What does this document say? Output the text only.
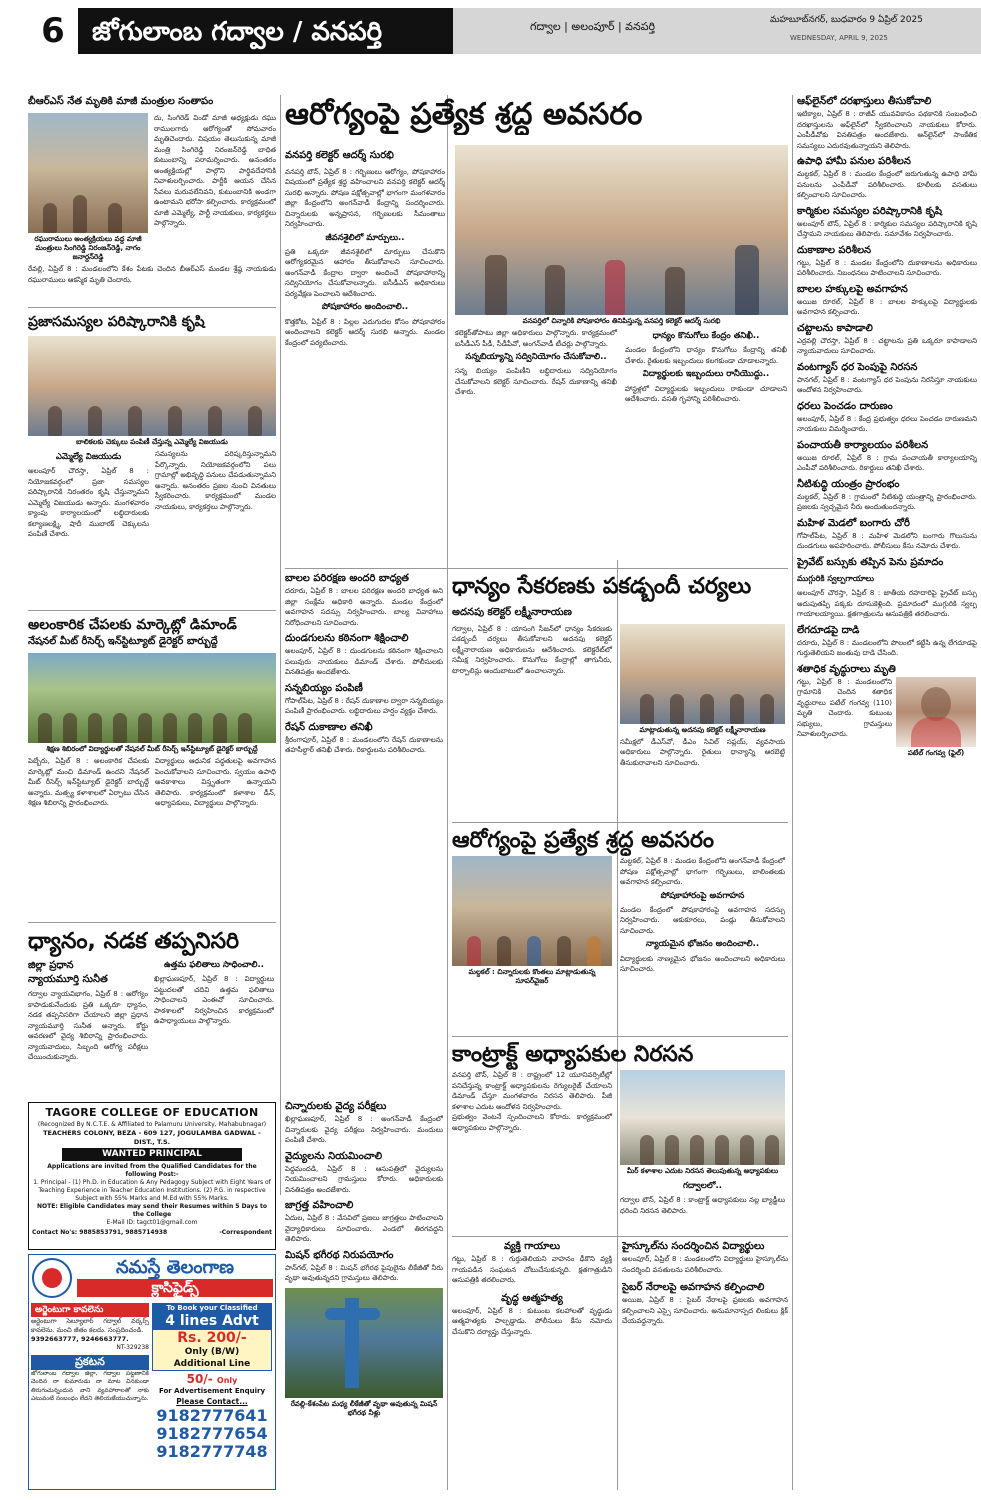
6	జోగులాంబ గద్వాల / వనపర్తి	గద్వాల | అలంపూర్ | వనపర్తి	మహబూబ్‌నగర్, బుధవారం 9 ఏప్రిల్ 2025
WEDNESDAY, APRIL 9, 2025
బీఆర్ఎస్ నేత మృతికి మాజీ మంత్రుల సంతాపం
రఘురాములు అంత్యక్రియలు వద్ద మాజీ మంత్రులు సింగిరెడ్డి నిరంజన్‌రెడ్డి, నాగం జనార్దన్‌రెడ్డి
దు, సింగిరెడ్ విండో మాజీ అధ్యక్షుడు రఘు రాములగారు ఆరోగ్యంతో సోమవారం మృతిచెందారు. విషయం తెలుసుకున్న మాజీ మంత్రి సింగిరెడ్డి నిరంజన్‌రెడ్డి బాధిత కుటుంబాన్ని పరామర్శించారు. అనంతరం అంత్యక్రియల్లో పాల్గొని పార్థివదేహానికి నివాళులర్పించారు. పార్టీకి ఆయన చేసిన సేవలు మరువలేనివని, కుటుంబానికి అండగా ఉంటామని భరోసా కల్పించారు. కార్యక్రమంలో మాజీ ఎమ్మెల్యే, పార్టీ నాయకులు, కార్యకర్తలు పాల్గొన్నారు.
రేవల్లి, ఏప్రిల్ 8 : మండలంలోని కేశం పేటకు చెందిన బీఆర్ఎస్ మండల శ్రేష్ఠ నాయకుడు రఘురాములు ఆకస్మిక మృతి చెందారు.
ప్రజాసమస్యల పరిష్కారానికి కృషి
బాలికలకు చెక్కులు పంపిణీ చేస్తున్న ఎమ్మెల్యే విజయుడు
ఎమ్మెల్యే విజయుడు
అలంపూర్ చౌరస్తా, ఏప్రిల్ 8 : నియోజకవర్గంలో ప్రజా సమస్యల పరిష్కారానికి నిరంతరం కృషి చేస్తున్నామని ఎమ్మెల్యే విజయుడు అన్నారు. మంగళవారం క్యాంపు కార్యాలయంలో లబ్ధిదారులకు కల్యాణలక్ష్మి, షాదీ ముబారక్ చెక్కులను పంపిణీ చేశారు.
సమస్యలను పరిష్కరిస్తున్నామని పేర్కొన్నారు. నియోజకవర్గంలోని పలు గ్రామాల్లో అభివృద్ధి పనులు చేపడుతున్నామని అన్నారు. అనంతరం ప్రజల నుంచి వినతులు స్వీకరించారు. కార్యక్రమంలో మండల నాయకులు, కార్యకర్తలు పాల్గొన్నారు.
అలంకారిక చేపలకు మార్కెట్లో డిమాండ్
నేషనల్ మీట్ రీసెర్చ్ ఇన్‌స్టిట్యూట్ డైరెక్టర్ బార్బుద్దే
శిక్షణ శిబిరంలో విద్యార్థులతో నేషనల్ మీట్ రీసెర్చ్ ఇన్‌స్టిట్యూట్ డైరెక్టర్ బార్బుద్దే
పెబ్బేరు, ఏప్రిల్ 8 : అలంకారిక చేపలకు మార్కెట్లో మంచి డిమాండ్ ఉందని నేషనల్ మీట్ రీసెర్చ్ ఇన్‌స్టిట్యూట్ డైరెక్టర్ బార్బుద్దే అన్నారు. మత్స్య కళాశాలలో ఏర్పాటు చేసిన శిక్షణ శిబిరాన్ని ప్రారంభించారు.
విద్యార్థులు ఆధునిక పద్ధతులపై అవగాహన పెంచుకోవాలని సూచించారు. స్వయం ఉపాధి అవకాశాలు విస్తృతంగా ఉన్నాయని తెలిపారు. కార్యక్రమంలో కళాశాల డీన్, అధ్యాపకులు, విద్యార్థులు పాల్గొన్నారు.
ధ్యానం, నడక తప్పనిసరి
జిల్లా ప్రధాన
న్యాయమూర్తి సునీత
గద్వాల న్యాయవిభాగం, ఏప్రిల్ 8 : ఆరోగ్యం కాపాడుకునేందుకు ప్రతి ఒక్కరూ ధ్యానం, నడక తప్పనిసరిగా చేయాలని జిల్లా ప్రధాన న్యాయమూర్తి సునీత అన్నారు. కోర్టు ఆవరణలో వైద్య శిబిరాన్ని ప్రారంభించారు. న్యాయవాదులు, సిబ్బంది ఆరోగ్య పరీక్షలు చేయించుకున్నారు.
ఉత్తమ ఫలితాలు సాధించాలి..
ఖిల్లాఘణపూర్, ఏప్రిల్ 8 : విద్యార్థులు పట్టుదలతో చదివి ఉత్తమ ఫలితాలు సాధించాలని ఎంఈవో సూచించారు. పాఠశాలలో నిర్వహించిన కార్యక్రమంలో ఉపాధ్యాయులు పాల్గొన్నారు.
TAGORE COLLEGE OF EDUCATION
(Recognized By N.C.T.E. & Affiliated to Palamuru University, Mahabubnagar)
TEACHERS COLONY, BEZA - 609 127, JOGULAMBA GADWAL - DIST., T.S.
WANTED PRINCIPAL
Applications are invited from the Qualified Candidates for the following Post:-
1. Principal - (1) Ph.D. in Education & Any Pedagogy Subject with Eight Years of Teaching Experience in Teacher Education Institutions. (2) P.G. in respective Subject with 55% Marks and M.Ed with 55% Marks.
NOTE: Eligible Candidates may send their Resumes within 5 Days to the College
E-Mail ID: tagct01@gmail.com
Contact No's: 9885853791, 9885714938	-Correspondent
నమస్తే తెలంగాణ
క్లాసిఫైడ్స్
అర్జెంటుగా కావలెను
అర్జెంటుగా సెల్యూలార్ గద్వాల్ వర్కర్స్ కావలెను. మంచి జీతం కలదు. సంప్రదించండి.
9392663777, 9246663777.
NT-329238
ప్రకటన
జోగులాంబ గద్వాల జిల్లా, గద్వాల పట్టణానికి చెందిన నా కుమారుడు నా మాట వినకుండా తిరుగుచున్నందున వాని వ్యవహారాలతో నాకు ఎటువంటి సంబంధం లేదని తెలియజేయుచున్నాను.
To Book your Classified
4 lines Advt
Rs. 200/-
Only (B/W)
Additional Line
50/- Only
For Advertisement Enquiry
Please Contact...
9182777641
9182777654
9182777748
ఆరోగ్యంపై ప్రత్యేక శ్రద్ధ అవసరం
వనపర్తి కలెక్టర్ ఆదర్శ్ సురభి
వనపర్తి టౌన్, ఏప్రిల్ 8 : గర్భిణులు ఆరోగ్యం, పోషకాహారం విషయంలో ప్రత్యేక శ్రద్ధ వహించాలని వనపర్తి కలెక్టర్ ఆదర్శ్ సురభి అన్నారు. పోషణ పక్షోత్సవాల్లో భాగంగా మంగళవారం జిల్లా కేంద్రంలోని అంగన్‌వాడీ కేంద్రాన్ని సందర్శించారు. చిన్నారులకు అన్నప్రాసన, గర్భిణులకు సీమంతాలు నిర్వహించారు.
జీవనశైలిలో మార్పులు..
ప్రతి ఒక్కరూ జీవనశైలిలో మార్పులు చేసుకొని ఆరోగ్యకరమైన ఆహారం తీసుకోవాలని సూచించారు. అంగన్‌వాడీ కేంద్రాల ద్వారా అందించే పోషకాహారాన్ని సద్వినియోగం చేసుకోవాలన్నారు. ఐసీడీఎస్ అధికారులు పర్యవేక్షణ పెంచాలని ఆదేశించారు.
పోషకాహారం అందించాలి..
కొత్తకోట, ఏప్రిల్ 8 : పిల్లల ఎదుగుదల కోసం పోషకాహారం అందించాలని కలెక్టర్ ఆదర్శ్ సురభి అన్నారు. మండల కేంద్రంలో పర్యటించారు.
వనపర్తిలో చిన్నారికి పోషకాహారం తినిపిస్తున్న వనపర్తి కలెక్టర్ ఆదర్శ్ సురభి
కలెక్టర్‌తోపాటు జిల్లా అధికారులు పాల్గొన్నారు. కార్యక్రమంలో ఐసీడీఎస్ పీడీ, సీడీపీవో, అంగన్‌వాడీ టీచర్లు పాల్గొన్నారు.
సన్నబియ్యాన్ని సద్వినియోగం చేసుకోవాలి..
సన్న బియ్యం పంపిణీని లబ్ధిదారులు సద్వినియోగం చేసుకోవాలని కలెక్టర్ సూచించారు. రేషన్ దుకాణాన్ని తనిఖీ చేశారు.
ధాన్యం కొనుగోలు కేంద్రం తనిఖీ..
మండల కేంద్రంలోని ధాన్యం కొనుగోలు కేంద్రాన్ని తనిఖీ చేశారు. రైతులకు ఇబ్బందులు కలగకుండా చూడాలన్నారు.
విద్యార్థులకు ఇబ్బందులు రానీయొద్దు..
హాస్టళ్లలో విద్యార్థులకు ఇబ్బందులు రాకుండా చూడాలని ఆదేశించారు. వసతి గృహాన్ని పరిశీలించారు.
బాలల పరిరక్షణ అందరి బాధ్యత
దరూరు, ఏప్రిల్ 8 : బాలల పరిరక్షణ అందరి బాధ్యత అని జిల్లా సంక్షేమ అధికారి అన్నారు. మండల కేంద్రంలో అవగాహన సదస్సు నిర్వహించారు. బాల్య వివాహాలు నిరోధించాలని సూచించారు.
దుండగులను కఠినంగా శిక్షించాలి
అలంపూర్, ఏప్రిల్ 8 : దుండగులను కఠినంగా శిక్షించాలని పలువురు నాయకులు డిమాండ్ చేశారు. పోలీసులకు వినతిపత్రం అందజేశారు.
సన్నబియ్యం పంపిణీ
గోపాల్‌పేట, ఏప్రిల్ 8 : రేషన్ దుకాణాల ద్వారా సన్నబియ్యం పంపిణీ ప్రారంభించారు. లబ్ధిదారులు హర్షం వ్యక్తం చేశారు.
రేషన్ దుకాణాల తనిఖీ
శ్రీరంగాపూర్, ఏప్రిల్ 8 : మండలంలోని రేషన్ దుకాణాలను తహసీల్దార్ తనిఖీ చేశారు. రికార్డులను పరిశీలించారు.
చిన్నారులకు వైద్య పరీక్షలు
ఖిల్లాఘణపూర్, ఏప్రిల్ 8 : అంగన్‌వాడీ కేంద్రంలో చిన్నారులకు వైద్య పరీక్షలు నిర్వహించారు. మందులు పంపిణీ చేశారు.
వైద్యులను నియమించాలి
పెద్దమందడి, ఏప్రిల్ 8 : ఆసుపత్రిలో వైద్యులను నియమించాలని గ్రామస్తులు కోరారు. అధికారులకు వినతిపత్రం అందజేశారు.
జాగ్రత్త వహించాలి
ఏదుల, ఏప్రిల్ 8 : వేసవిలో ప్రజలు జాగ్రత్తలు పాటించాలని వైద్యాధికారులు సూచించారు. ఎండలో తిరగవద్దని తెలిపారు.
మిషన్ భగీరథ నిరుపయోగం
పాన్‌గల్, ఏప్రిల్ 8 : మిషన్ భగీరథ పైపులైను లీకేజీతో నీరు వృథా అవుతున్నదని గ్రామస్తులు తెలిపారు.
రేవల్లి-కేశంపేట మధ్య లీకేజీతో వృథా అవుతున్న మిషన్ భగీరథ నీళ్లు
ధాన్యం సేకరణకు పకడ్బందీ చర్యలు
అదనపు కలెక్టర్ లక్ష్మీనారాయణ
గద్వాల, ఏప్రిల్ 8 : యాసంగి సీజన్‌లో ధాన్యం సేకరణకు పకడ్బందీ చర్యలు తీసుకోవాలని అదనపు కలెక్టర్ లక్ష్మీనారాయణ అధికారులను ఆదేశించారు. కలెక్టరేట్‌లో సమీక్ష నిర్వహించారు. కొనుగోలు కేంద్రాల్లో తాగునీరు, టార్పాలిన్లు అందుబాటులో ఉంచాలన్నారు.
మాట్లాడుతున్న అదనపు కలెక్టర్ లక్ష్మీనారాయణ
సమీక్షలో డీఎస్‌వో, డీఎం సివిల్ సప్లయ్, వ్యవసాయ అధికారులు పాల్గొన్నారు. రైతులు ధాన్యాన్ని ఆరబెట్టి తీసుకురావాలని సూచించారు.
ఆరోగ్యంపై ప్రత్యేక శ్రద్ధ అవసరం
మల్దకల్ : చిన్నారులకు కొంతలు మాట్లాడుతున్న సూపర్‌వైజర్
మల్దకల్, ఏప్రిల్ 8 : మండల కేంద్రంలోని అంగన్‌వాడీ కేంద్రంలో పోషణ పక్షోత్సవాల్లో భాగంగా గర్భిణులు, బాలింతలకు అవగాహన కల్పించారు.
పోషకాహారంపై అవగాహన
మండల కేంద్రంలో పోషకాహారంపై అవగాహన సదస్సు నిర్వహించారు. ఆకుకూరలు, పండ్లు తీసుకోవాలని సూచించారు.
న్యాయమైన భోజనం అందించాలి..
విద్యార్థులకు నాణ్యమైన భోజనం అందించాలని అధికారులు సూచించారు.
కాంట్రాక్ట్ అధ్యాపకుల నిరసన
వనపర్తి టౌన్, ఏప్రిల్ 8 : రాష్ట్రంలో 12 యూనివర్సిటీల్లో పనిచేస్తున్న కాంట్రాక్ట్ అధ్యాపకులను రెగ్యులరైజ్ చేయాలని డిమాండ్ చేస్తూ మంగళవారం నిరసన తెలిపారు. పీజీ కళాశాల ఎదుట ఆందోళన నిర్వహించారు.
ప్రభుత్వం వెంటనే స్పందించాలని కోరారు. కార్యక్రమంలో అధ్యాపకులు పాల్గొన్నారు.
మీర్ కళాశాల ఎదుట నిరసన తెలుపుతున్న అధ్యాపకులు
గద్వాలలో..
గద్వాల టౌన్, ఏప్రిల్ 8 : కాంట్రాక్ట్ అధ్యాపకులు నల్ల బ్యాడ్జీలు ధరించి నిరసన తెలిపారు.
వ్యక్తి గాయాలు
గట్టు, ఏప్రిల్ 8 : గుర్తుతెలియని వాహనం ఢీకొని వ్యక్తి గాయపడిన సంఘటన చోటుచేసుకున్నది. క్షతగాత్రుడిని ఆసుపత్రికి తరలించారు.
వృద్ధ ఆత్మహత్య
అలంపూర్, ఏప్రిల్ 8 : కుటుంబ కలహాలతో వృద్ధుడు ఆత్మహత్యకు పాల్పడ్డాడు. పోలీసులు కేసు నమోదు చేసుకొని దర్యాప్తు చేస్తున్నారు.
హైస్కూల్‌ను సందర్శించిన విద్యార్థులు
అలంపూర్, ఏప్రిల్ 8 : మండలంలోని విద్యార్థులు హైస్కూల్‌ను సందర్శించి వసతులను పరిశీలించారు.
సైబర్ నేరాలపై అవగాహన కల్పించాలి
అయిజ, ఏప్రిల్ 8 : సైబర్ నేరాలపై ప్రజలకు అవగాహన కల్పించాలని ఎస్సై సూచించారు. అనుమానాస్పద లింకులు క్లిక్ చేయవద్దన్నారు.
ఆఫ్‌లైన్‌లో దరఖాస్తులు తీసుకోవాలి
ఇటిక్యాల, ఏప్రిల్ 8 : రాజీవ్ యువవికాసం పథకానికి సంబంధించి దరఖాస్తులను ఆఫ్‌లైన్‌లో స్వీకరించాలని నాయకులు కోరారు. ఎంపీడీవోకు వినతిపత్రం అందజేశారు. ఆన్‌లైన్‌లో సాంకేతిక సమస్యలు ఎదురవుతున్నాయని తెలిపారు.
ఉపాధి హామీ పనుల పరిశీలన
మల్దకల్, ఏప్రిల్ 8 : మండల కేంద్రంలో జరుగుతున్న ఉపాధి హామీ పనులను ఎంపీడీవో పరిశీలించారు. కూలీలకు వసతులు కల్పించాలని సూచించారు.
కార్మికుల సమస్యల పరిష్కారానికి కృషి
అలంపూర్ టౌన్, ఏప్రిల్ 8 : కార్మికుల సమస్యల పరిష్కారానికి కృషి చేస్తామని నాయకులు తెలిపారు. సమావేశం నిర్వహించారు.
దుకాణాల పరిశీలన
గట్టు, ఏప్రిల్ 8 : మండల కేంద్రంలోని దుకాణాలను అధికారులు పరిశీలించారు. నిబంధనలు పాటించాలని సూచించారు.
బాలల హక్కులపై అవగాహన
అయిజ రూరల్, ఏప్రిల్ 8 : బాలల హక్కులపై విద్యార్థులకు అవగాహన కల్పించారు.
చట్టాలను కాపాడాలి
ఎర్రవల్లి చౌరస్తా, ఏప్రిల్ 8 : చట్టాలను ప్రతి ఒక్కరూ కాపాడాలని న్యాయవాదులు సూచించారు.
వంటగ్యాస్ ధర పెంపుపై నిరసన
పానగల్, ఏప్రిల్ 8 : వంటగ్యాస్ ధర పెంపును నిరసిస్తూ నాయకులు ఆందోళన నిర్వహించారు.
ధరలు పెంచడం దారుణం
అలంపూర్, ఏప్రిల్ 8 : కేంద్ర ప్రభుత్వం ధరలు పెంచడం దారుణమని నాయకులు విమర్శించారు.
పంచాయతీ కార్యాలయం పరిశీలన
అయిజ రూరల్, ఏప్రిల్ 8 : గ్రామ పంచాయతీ కార్యాలయాన్ని ఎంపీవో పరిశీలించారు. రికార్డులు తనిఖీ చేశారు.
నీటిశుద్ధి యంత్రం ప్రారంభం
మల్దకల్, ఏప్రిల్ 8 : గ్రామంలో నీటిశుద్ధి యంత్రాన్ని ప్రారంభించారు. ప్రజలకు స్వచ్ఛమైన నీరు అందుతుందన్నారు.
మహిళ మెడలో బంగారు చోరీ
గోపాల్‌పేట, ఏప్రిల్ 8 : మహిళ మెడలోని బంగారు గొలుసును దుండగులు అపహరించారు. పోలీసులు కేసు నమోదు చేశారు.
ప్రైవేట్ బస్సుకు తప్పిన పెను ప్రమాదం
ముగ్గురికి స్వల్పగాయాలు
అలంపూర్ చౌరస్తా, ఏప్రిల్ 8 : జాతీయ రహదారిపై ప్రైవేట్ బస్సు అదుపుతప్పి పక్కకు దూసుకెళ్లింది. ప్రమాదంలో ముగ్గురికి స్వల్ప గాయాలయ్యాయి. క్షతగాత్రులను ఆసుపత్రికి తరలించారు.
లేగదూడపై దాడి
దరూరు, ఏప్రిల్ 8 : మండలంలోని పొలంలో కట్టేసి ఉన్న లేగదూడపై గుర్తుతెలియని జంతువు దాడి చేసింది.
శతాధిక వృద్ధురాలు మృతి
గట్టు, ఏప్రిల్ 8 : మండలంలోని గ్రామానికి చెందిన శతాధిక వృద్ధురాలు పటేల్ గంగవ్వ (110) మృతి చెందారు. కుటుంబ సభ్యులు, గ్రామస్తులు నివాళులర్పించారు.
పటేల్ గంగవ్వ (ఫైల్)
